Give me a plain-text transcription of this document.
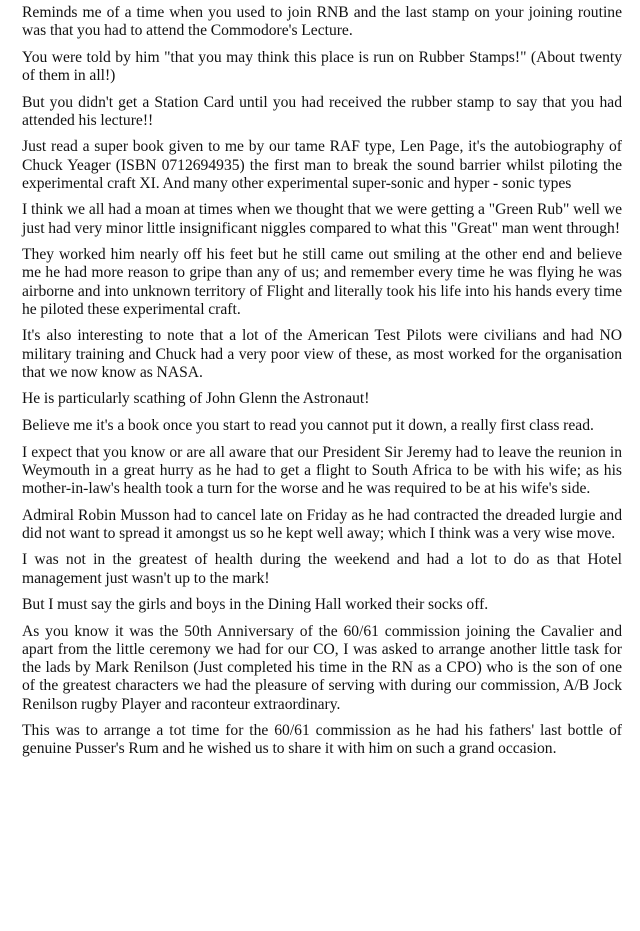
Reminds me of a time when you used to join RNB and the last stamp on your joining routine was that you had to attend the Commodore's Lecture.

You were told by him "that you may think this place is run on Rubber Stamps!" (About twenty of them in all!)

But you didn't get a Station Card until you had received the rubber stamp to say that you had attended his lecture!!

Just read a super book given to me by our tame RAF type, Len Page, it's the autobiography of Chuck Yeager (ISBN 0712694935) the first man to break the sound barrier whilst piloting the experimental craft XI. And many other experimental super-sonic and hyper - sonic types

I think we all had a moan at times when we thought that we were getting a "Green Rub" well we just had very minor little insignificant niggles compared to what this "Great" man went through!

They worked him nearly off his feet but he still came out smiling at the other end and believe me he had more reason to gripe than any of us; and remember every time he was flying he was airborne and into unknown territory of Flight and literally took his life into his hands every time he piloted these experimental craft.

It's also interesting to note that a lot of the American Test Pilots were civilians and had NO military training and Chuck had a very poor view of these, as most worked for the organisation that we now know as NASA.

He is particularly scathing of John Glenn the Astronaut!

Believe me it's a book once you start to read you cannot put it down, a really first class read.

I expect that you know or are all aware that our President Sir Jeremy had to leave the reunion in Weymouth in a great hurry as he had to get a flight to South Africa to be with his wife; as his mother-in-law's health took a turn for the worse and he was required to be at his wife's side.

Admiral Robin Musson had to cancel late on Friday as he had contracted the dreaded lurgie and did not want to spread it amongst us so he kept well away; which I think was a very wise move.

I was not in the greatest of health during the weekend and had a lot to do as that Hotel management just wasn't up to the mark!

But I must say the girls and boys in the Dining Hall worked their socks off.

As you know it was the 50th Anniversary of the 60/61 commission joining the Cavalier and apart from the little ceremony we had for our CO, I was asked to arrange another little task for the lads by Mark Renilson (Just completed his time in the RN as a CPO) who is the son of one of the greatest characters we had the pleasure of serving with during our commission, A/B Jock Renilson rugby Player and raconteur extraordinary.

This was to arrange a tot time for the 60/61 commission as he had his fathers' last bottle of genuine Pusser's Rum and he wished us to share it with him on such a grand occasion.
